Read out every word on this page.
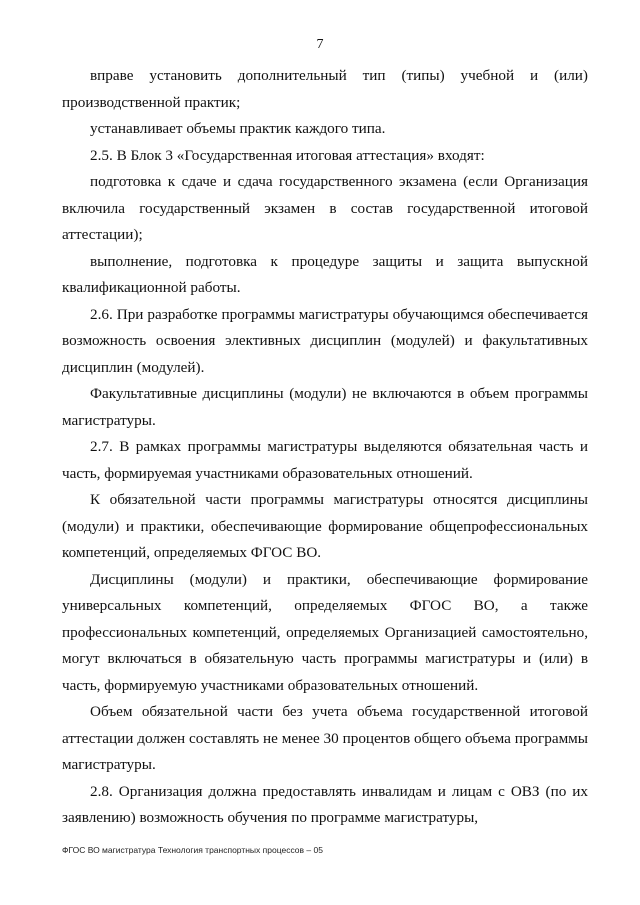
7

вправе установить дополнительный тип (типы) учебной и (или) производственной практик;

устанавливает объемы практик каждого типа.

2.5. В Блок 3 «Государственная итоговая аттестация» входят:

подготовка к сдаче и сдача государственного экзамена (если Организация включила государственный экзамен в состав государственной итоговой аттестации);

выполнение, подготовка к процедуре защиты и защита выпускной квалификационной работы.

2.6. При разработке программы магистратуры обучающимся обеспечивается возможность освоения элективных дисциплин (модулей) и факультативных дисциплин (модулей).

Факультативные дисциплины (модули) не включаются в объем программы магистратуры.

2.7. В рамках программы магистратуры выделяются обязательная часть и часть, формируемая участниками образовательных отношений.

К обязательной части программы магистратуры относятся дисциплины (модули) и практики, обеспечивающие формирование общепрофессиональных компетенций, определяемых ФГОС ВО.

Дисциплины (модули) и практики, обеспечивающие формирование универсальных компетенций, определяемых ФГОС ВО, а также профессиональных компетенций, определяемых Организацией самостоятельно, могут включаться в обязательную часть программы магистратуры и (или) в часть, формируемую участниками образовательных отношений.

Объем обязательной части без учета объема государственной итоговой аттестации должен составлять не менее 30 процентов общего объема программы магистратуры.

2.8. Организация должна предоставлять инвалидам и лицам с ОВЗ (по их заявлению) возможность обучения по программе магистратуры,

ФГОС ВО магистратура Технология транспортных процессов – 05
